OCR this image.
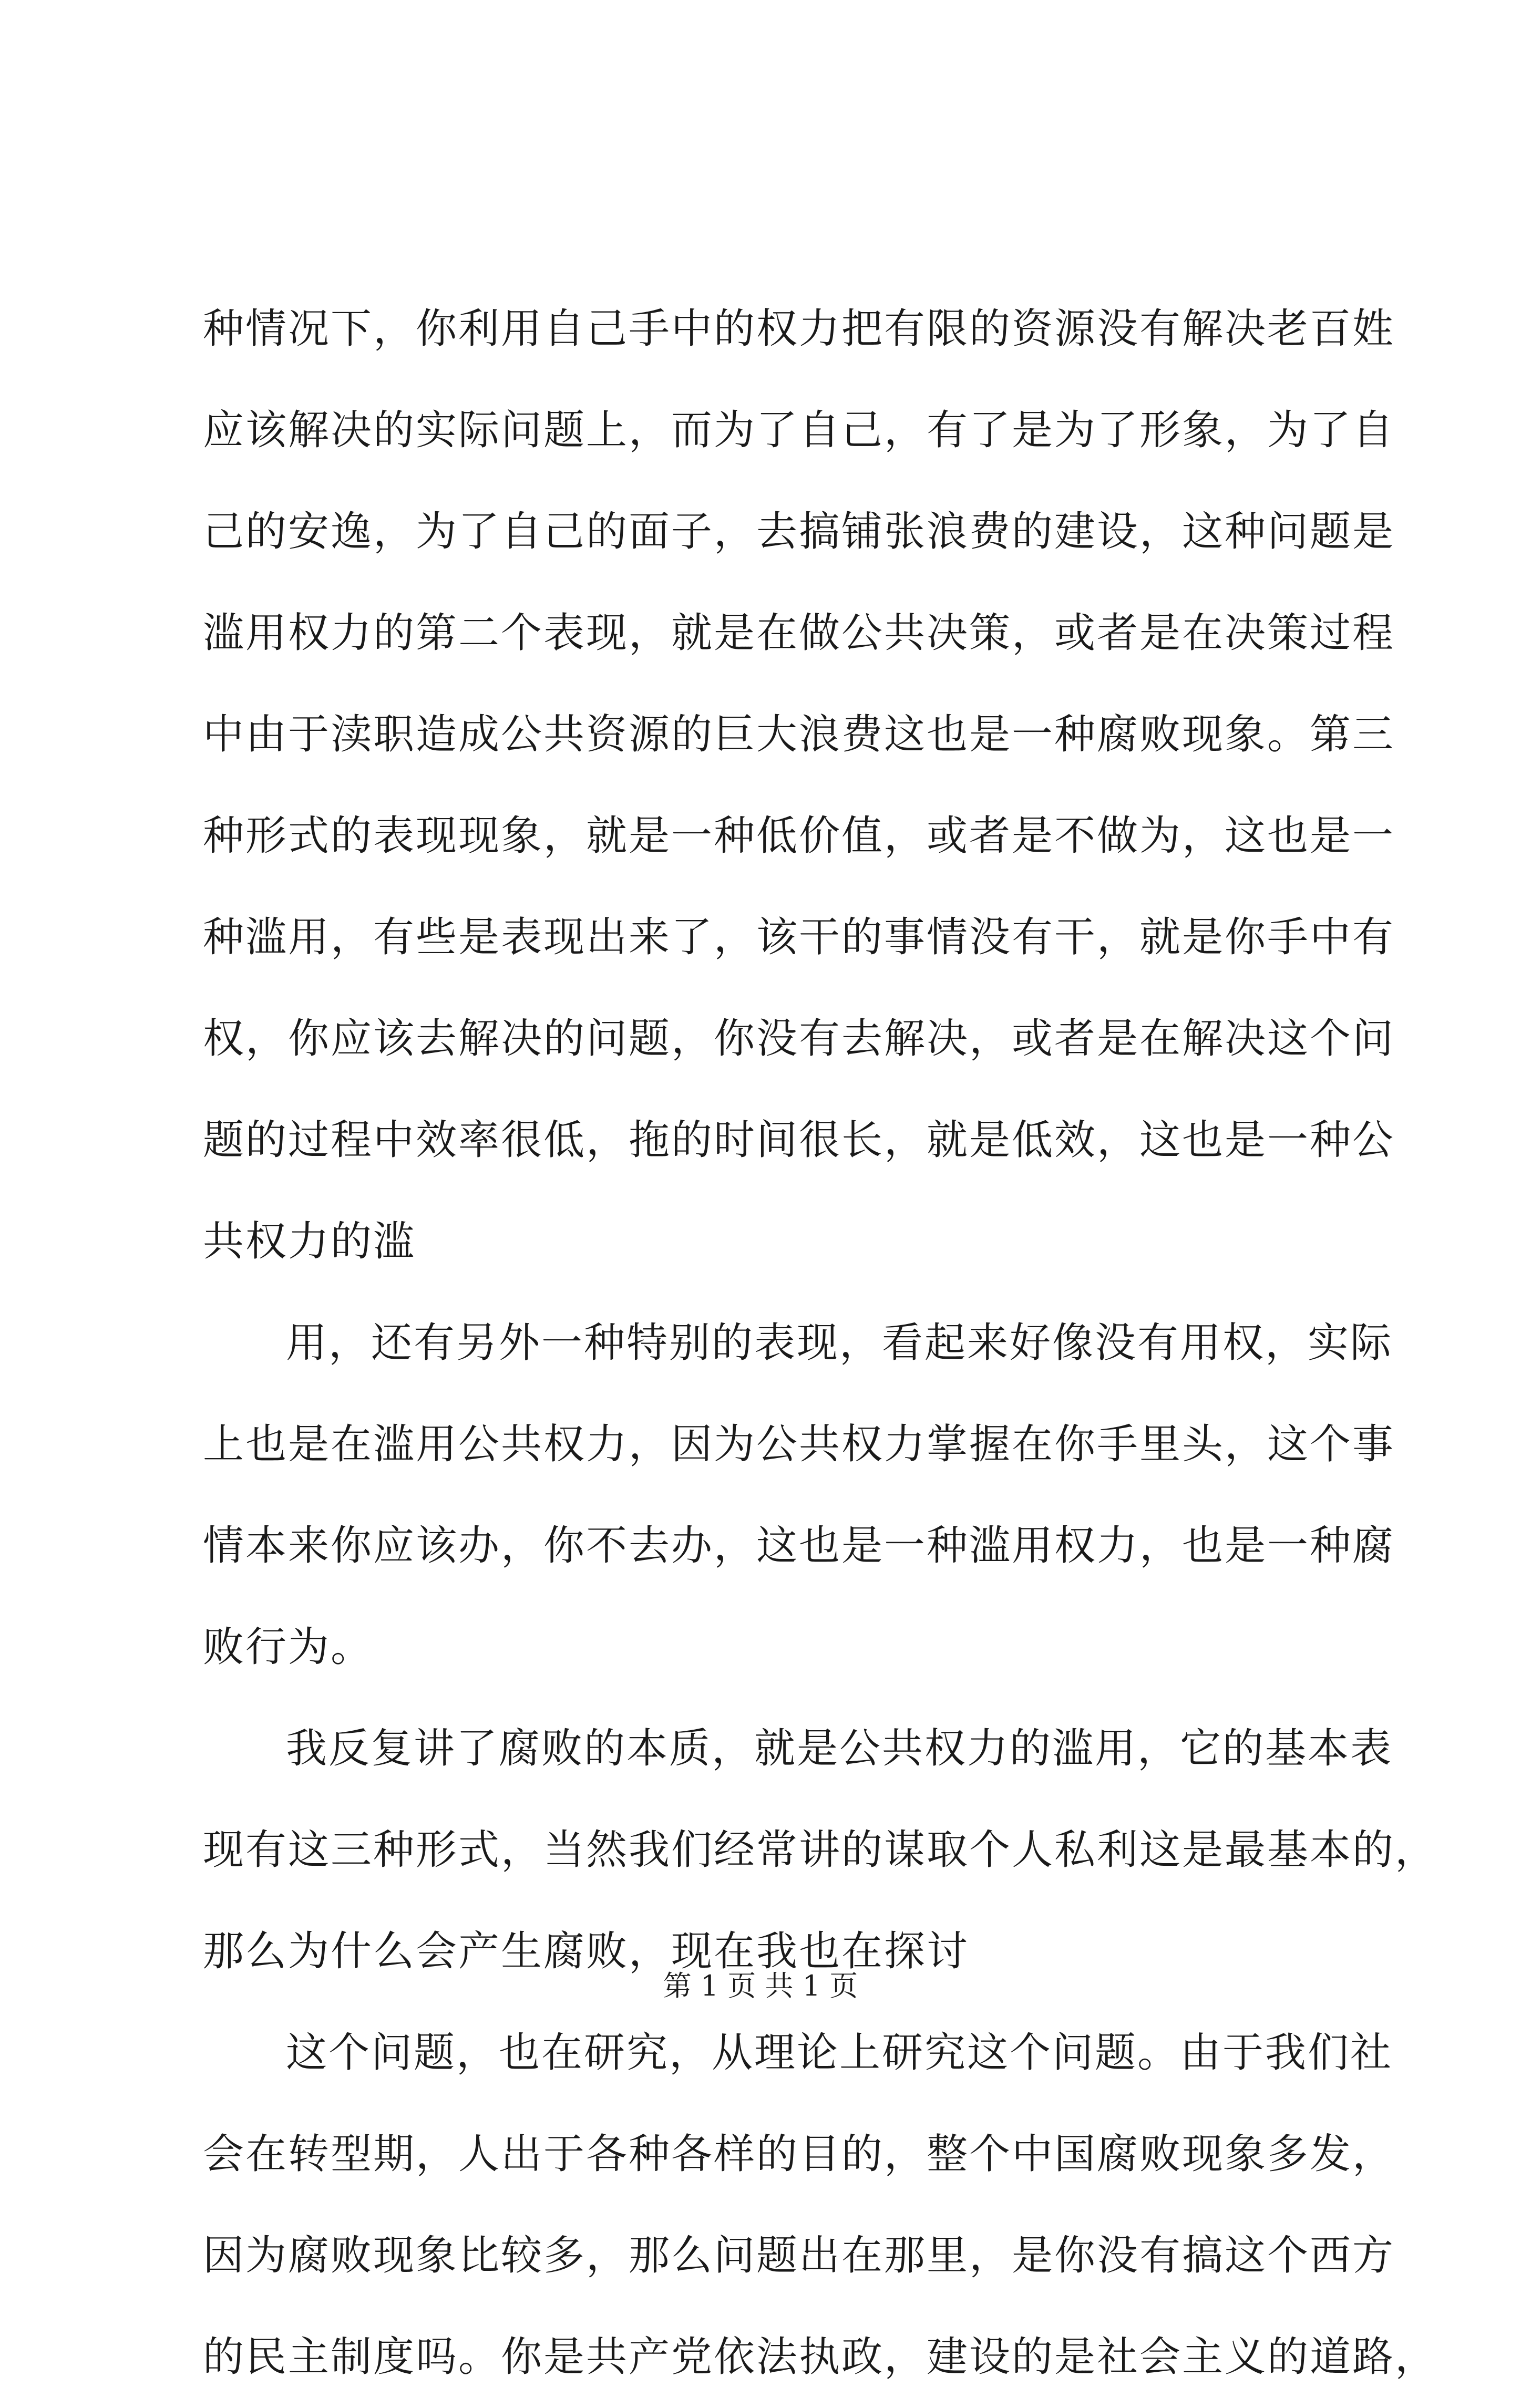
种情况下，你利用自己手中的权力把有限的资源没有解决老百姓
应该解决的实际问题上，而为了自己，有了是为了形象，为了自
己的安逸，为了自己的面子，去搞铺张浪费的建设，这种问题是
滥用权力的第二个表现，就是在做公共决策，或者是在决策过程
中由于渎职造成公共资源的巨大浪费这也是一种腐败现象。第三
种形式的表现现象，就是一种低价值，或者是不做为，这也是一
种滥用，有些是表现出来了，该干的事情没有干，就是你手中有
权，你应该去解决的问题，你没有去解决，或者是在解决这个问
题的过程中效率很低，拖的时间很长，就是低效，这也是一种公
共权力的滥
用，还有另外一种特别的表现，看起来好像没有用权，实际
上也是在滥用公共权力，因为公共权力掌握在你手里头，这个事
情本来你应该办，你不去办，这也是一种滥用权力，也是一种腐
败行为。
我反复讲了腐败的本质，就是公共权力的滥用，它的基本表
现有这三种形式，当然我们经常讲的谋取个人私利这是最基本的，
那么为什么会产生腐败，现在我也在探讨
这个问题，也在研究，从理论上研究这个问题。由于我们社
会在转型期，人出于各种各样的目的，整个中国腐败现象多发，
因为腐败现象比较多，那么问题出在那里，是你没有搞这个西方
的民主制度吗。你是共产党依法执政，建设的是社会主义的道路，
第 1 页 共 1 页
